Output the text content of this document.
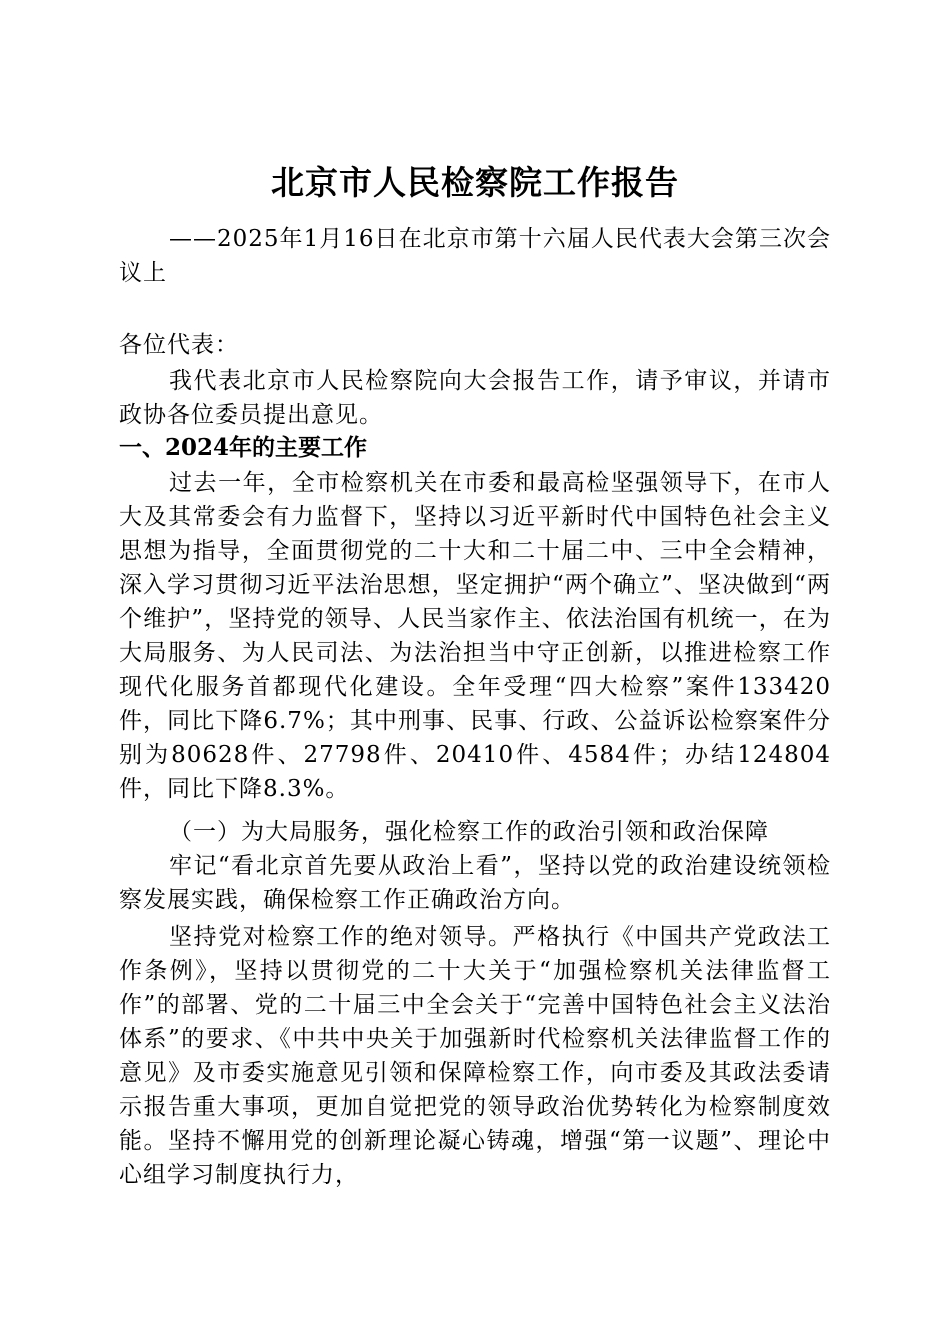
北京市人民检察院工作报告

——2025年1月16日在北京市第十六届人民代表大会第三次会议上

各位代表：

我代表北京市人民检察院向大会报告工作，请予审议，并请市政协各位委员提出意见。

一、2024年的主要工作

过去一年，全市检察机关在市委和最高检坚强领导下，在市人大及其常委会有力监督下，坚持以习近平新时代中国特色社会主义思想为指导，全面贯彻党的二十大和二十届二中、三中全会精神，深入学习贯彻习近平法治思想，坚定拥护“两个确立”、坚决做到“两个维护”，坚持党的领导、人民当家作主、依法治国有机统一，在为大局服务、为人民司法、为法治担当中守正创新，以推进检察工作现代化服务首都现代化建设。全年受理“四大检察”案件133420件，同比下降6.7%；其中刑事、民事、行政、公益诉讼检察案件分别为80628件、27798件、20410件、4584件；办结124804件，同比下降8.3%。

（一）为大局服务，强化检察工作的政治引领和政治保障

牢记“看北京首先要从政治上看”，坚持以党的政治建设统领检察发展实践，确保检察工作正确政治方向。

坚持党对检察工作的绝对领导。严格执行《中国共产党政法工作条例》，坚持以贯彻党的二十大关于“加强检察机关法律监督工作”的部署、党的二十届三中全会关于“完善中国特色社会主义法治体系”的要求、《中共中央关于加强新时代检察机关法律监督工作的意见》及市委实施意见引领和保障检察工作，向市委及其政法委请示报告重大事项，更加自觉把党的领导政治优势转化为检察制度效能。坚持不懈用党的创新理论凝心铸魂，增强“第一议题”、理论中心组学习制度执行力，
